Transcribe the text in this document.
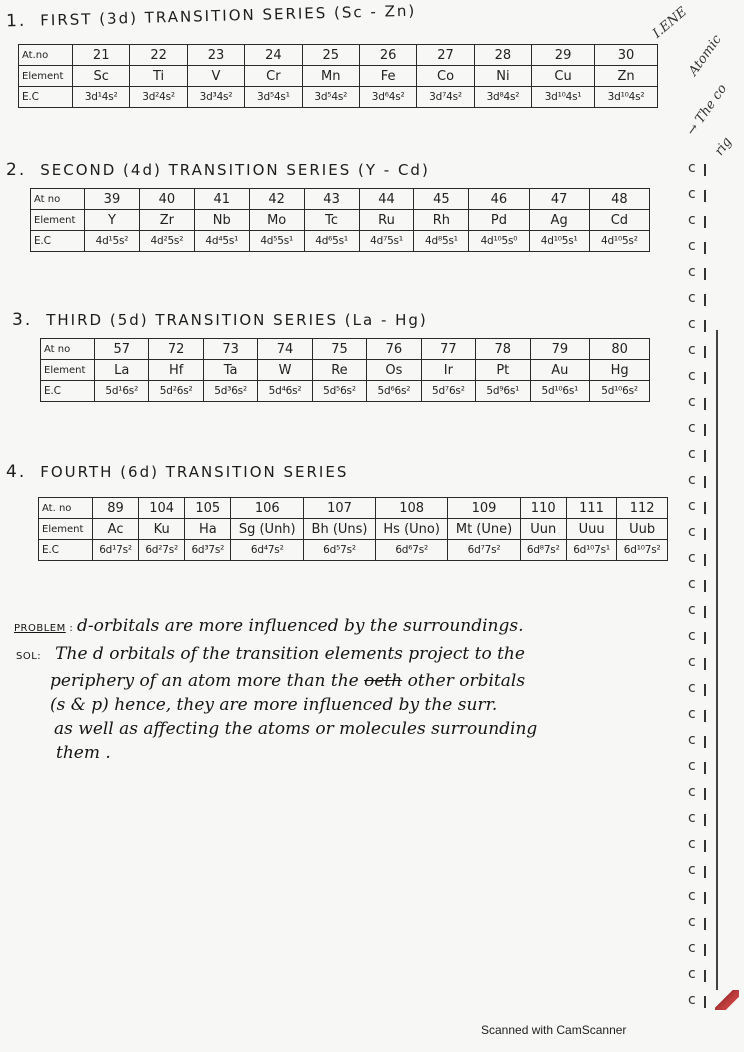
1. FIRST (3d) TRANSITION SERIES (Sc - Zn)
At.no	21	22	23	24	25	26	27	28	29	30
Element	Sc	Ti	V	Cr	Mn	Fe	Co	Ni	Cu	Zn
E.C	3d¹4s²	3d²4s²	3d³4s²	3d⁵4s¹	3d⁵4s²	3d⁶4s²	3d⁷4s²	3d⁸4s²	3d¹⁰4s¹	3d¹⁰4s²
2. SECOND (4d) TRANSITION SERIES (Y - Cd)
At no	39	40	41	42	43	44	45	46	47	48
Element	Y	Zr	Nb	Mo	Tc	Ru	Rh	Pd	Ag	Cd
E.C	4d¹5s²	4d²5s²	4d⁴5s¹	4d⁵5s¹	4d⁶5s¹	4d⁷5s¹	4d⁸5s¹	4d¹⁰5s⁰	4d¹⁰5s¹	4d¹⁰5s²
3. THIRD (5d) TRANSITION SERIES (La - Hg)
At no	57	72	73	74	75	76	77	78	79	80
Element	La	Hf	Ta	W	Re	Os	Ir	Pt	Au	Hg
E.C	5d¹6s²	5d²6s²	5d³6s²	5d⁴6s²	5d⁵6s²	5d⁶6s²	5d⁷6s²	5d⁹6s¹	5d¹⁰6s¹	5d¹⁰6s²
4. FOURTH (6d) TRANSITION SERIES
At. no	89	104	105	106	107	108	109	110	111	112
Element	Ac	Ku	Ha	Sg (Unh)	Bh (Uns)	Hs (Uno)	Mt (Une)	Uun	Uuu	Uub
E.C	6d¹7s²	6d²7s²	6d³7s²	6d⁴7s²	6d⁵7s²	6d⁶7s²	6d⁷7s²	6d⁸7s²	6d¹⁰7s¹	6d¹⁰7s²
PROBLEM : d-orbitals are more influenced by the surroundings.
SOL: The d orbitals of the transition elements project to the
periphery of an atom more than the oeth other orbitals
(s & p) hence, they are more influenced by the surr.
as well as affecting the atoms or molecules surrounding
them .
I.ENE
Atomic
→ The co
rig
c
c
c
c
c
c
c
c
c
c
c
c
c
c
c
c
c
c
c
c
c
c
c
c
c
c
c
c
c
c
c
c
c
Scanned with CamScanner
